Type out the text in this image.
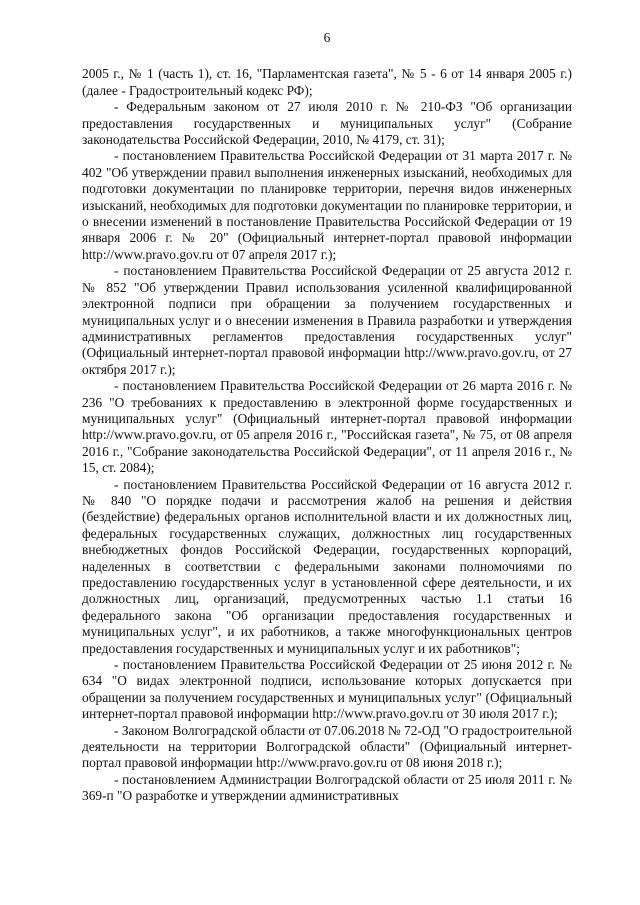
6

2005 г., № 1 (часть 1), ст. 16, "Парламентская газета", № 5 - 6 от 14 января 2005 г.) (далее - Градостроительный кодекс РФ);

- Федеральным законом от 27 июля 2010 г. № 210-ФЗ "Об организации предоставления государственных и муниципальных услуг" (Собрание законодательства Российской Федерации, 2010, № 4179, ст. 31);

- постановлением Правительства Российской Федерации от 31 марта 2017 г. № 402 "Об утверждении правил выполнения инженерных изысканий, необходимых для подготовки документации по планировке территории, перечня видов инженерных изысканий, необходимых для подготовки документации по планировке территории, и о внесении изменений в постановление Правительства Российской Федерации от 19 января 2006 г. № 20" (Официальный интернет-портал правовой информации http://www.pravo.gov.ru от 07 апреля 2017 г.);

- постановлением Правительства Российской Федерации от 25 августа 2012 г. № 852 "Об утверждении Правил использования усиленной квалифицированной электронной подписи при обращении за получением государственных и муниципальных услуг и о внесении изменения в Правила разработки и утверждения административных регламентов предоставления государственных услуг" (Официальный интернет-портал правовой информации http://www.pravo.gov.ru, от 27 октября 2017 г.);

- постановлением Правительства Российской Федерации от 26 марта 2016 г. № 236 "О требованиях к предоставлению в электронной форме государственных и муниципальных услуг" (Официальный интернет-портал правовой информации http://www.pravo.gov.ru, от 05 апреля 2016 г., "Российская газета", № 75, от 08 апреля 2016 г., "Собрание законодательства Российской Федерации", от 11 апреля 2016 г., № 15, ст. 2084);

- постановлением Правительства Российской Федерации от 16 августа 2012 г. № 840 "О порядке подачи и рассмотрения жалоб на решения и действия (бездействие) федеральных органов исполнительной власти и их должностных лиц, федеральных государственных служащих, должностных лиц государственных внебюджетных фондов Российской Федерации, государственных корпораций, наделенных в соответствии с федеральными законами полномочиями по предоставлению государственных услуг в установленной сфере деятельности, и их должностных лиц, организаций, предусмотренных частью 1.1 статьи 16 федерального закона "Об организации предоставления государственных и муниципальных услуг", и их работников, а также многофункциональных центров предоставления государственных и муниципальных услуг и их работников";

- постановлением Правительства Российской Федерации от 25 июня 2012 г. № 634 "О видах электронной подписи, использование которых допускается при обращении за получением государственных и муниципальных услуг" (Официальный интернет-портал правовой информации http://www.pravo.gov.ru от 30 июля 2017 г.);

- Законом Волгоградской области от 07.06.2018 № 72-ОД "О градостроительной деятельности на территории Волгоградской области" (Официальный интернет-портал правовой информации http://www.pravo.gov.ru от 08 июня 2018 г.);

- постановлением Администрации Волгоградской области от 25 июля 2011 г. № 369-п "О разработке и утверждении административных
